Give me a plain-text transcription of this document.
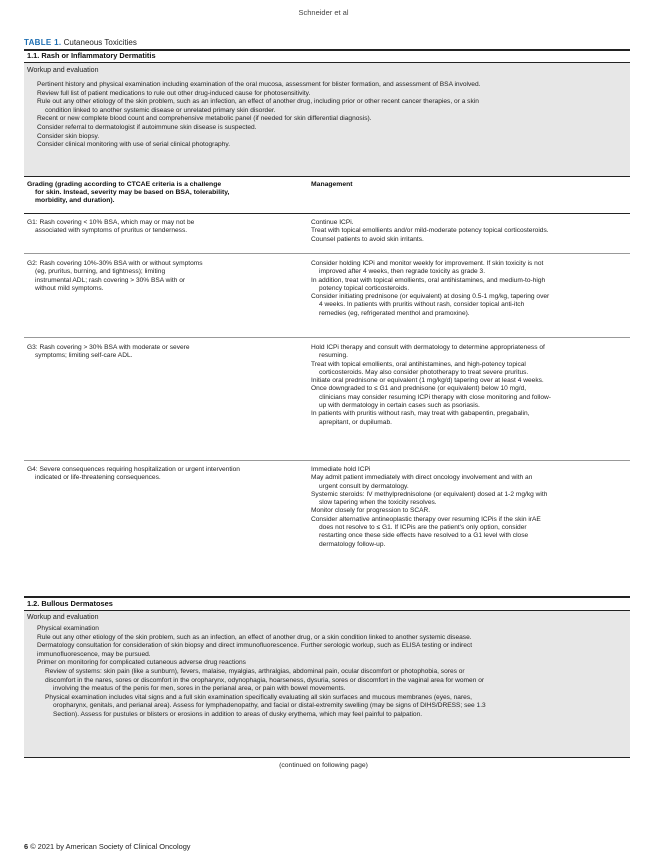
Schneider et al
TABLE 1. Cutaneous Toxicities
1.1. Rash or Inflammatory Dermatitis
Workup and evaluation
Pertinent history and physical examination including examination of the oral mucosa, assessment for blister formation, and assessment of BSA involved.
Review full list of patient medications to rule out other drug-induced cause for photosensitivity.
Rule out any other etiology of the skin problem, such as an infection, an effect of another drug, including prior or other recent cancer therapies, or a skin
condition linked to another systemic disease or unrelated primary skin disorder.
Recent or new complete blood count and comprehensive metabolic panel (if needed for skin differential diagnosis).
Consider referral to dermatologist if autoimmune skin disease is suspected.
Consider skin biopsy.
Consider clinical monitoring with use of serial clinical photography.
Grading (grading according to CTCAE criteria is a challenge
for skin. Instead, severity may be based on BSA, tolerability,
morbidity, and duration).
Management
G1: Rash covering < 10% BSA, which may or may not be
associated with symptoms of pruritus or tenderness.
Continue ICPi.
Treat with topical emollients and/or mild-moderate potency topical corticosteroids.
Counsel patients to avoid skin irritants.
G2: Rash covering 10%-30% BSA with or without symptoms
(eg, pruritus, burning, and tightness); limiting
instrumental ADL; rash covering > 30% BSA with or
without mild symptoms.
Consider holding ICPi and monitor weekly for improvement. If skin toxicity is not
improved after 4 weeks, then regrade toxicity as grade 3.
In addition, treat with topical emollients, oral antihistamines, and medium-to-high
potency topical corticosteroids.
Consider initiating prednisone (or equivalent) at dosing 0.5-1 mg/kg, tapering over
4 weeks. In patients with pruritis without rash, consider topical anti-itch
remedies (eg, refrigerated menthol and pramoxine).
G3: Rash covering > 30% BSA with moderate or severe
symptoms; limiting self-care ADL.
Hold ICPi therapy and consult with dermatology to determine appropriateness of
resuming.
Treat with topical emollients, oral antihistamines, and high-potency topical
corticosteroids. May also consider phototherapy to treat severe pruritus.
Initiate oral prednisone or equivalent (1 mg/kg/d) tapering over at least 4 weeks.
Once downgraded to ≤ G1 and prednisone (or equivalent) below 10 mg/d,
clinicians may consider resuming ICPi therapy with close monitoring and follow-
up with dermatology in certain cases such as psoriasis.
In patients with pruritis without rash, may treat with gabapentin, pregabalin,
aprepitant, or dupilumab.
G4: Severe consequences requiring hospitalization or urgent intervention
indicated or life-threatening consequences.
Immediate hold ICPi
May admit patient immediately with direct oncology involvement and with an
urgent consult by dermatology.
Systemic steroids: IV methylprednisolone (or equivalent) dosed at 1-2 mg/kg with
slow tapering when the toxicity resolves.
Monitor closely for progression to SCAR.
Consider alternative antineoplastic therapy over resuming ICPis if the skin irAE
does not resolve to ≤ G1. If ICPis are the patient's only option, consider
restarting once these side effects have resolved to a G1 level with close
dermatology follow-up.
1.2. Bullous Dermatoses
Workup and evaluation
Physical examination
Rule out any other etiology of the skin problem, such as an infection, an effect of another drug, or a skin condition linked to another systemic disease.
Dermatology consultation for consideration of skin biopsy and direct immunofluorescence. Further serologic workup, such as ELISA testing or indirect
immunofluorescence, may be pursued.
Primer on monitoring for complicated cutaneous adverse drug reactions
Review of systems: skin pain (like a sunburn), fevers, malaise, myalgias, arthralgias, abdominal pain, ocular discomfort or photophobia, sores or
discomfort in the nares, sores or discomfort in the oropharynx, odynophagia, hoarseness, dysuria, sores or discomfort in the vaginal area for women or
involving the meatus of the penis for men, sores in the perianal area, or pain with bowel movements.
Physical examination includes vital signs and a full skin examination specifically evaluating all skin surfaces and mucous membranes (eyes, nares,
oropharynx, genitals, and perianal area). Assess for lymphadenopathy, and facial or distal-extremity swelling (may be signs of DIHS/DRESS; see 1.3
Section). Assess for pustules or blisters or erosions in addition to areas of dusky erythema, which may feel painful to palpation.
(continued on following page)
6 © 2021 by American Society of Clinical Oncology
